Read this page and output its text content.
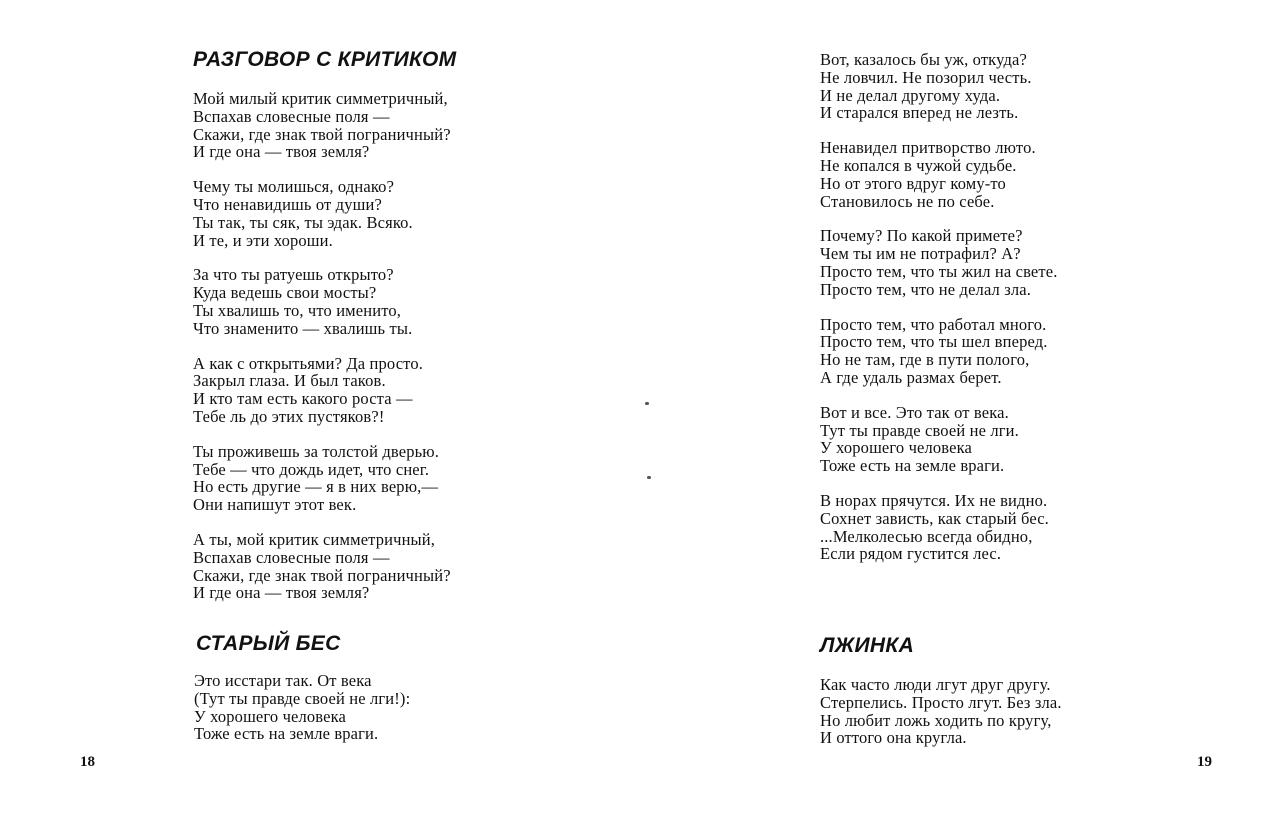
РАЗГОВОР С КРИТИКОМ
Мой милый критик симметричный,
Вспахав словесные поля —
Скажи, где знак твой пограничный?
И где она — твоя земля?
Чему ты молишься, однако?
Что ненавидишь от души?
Ты так, ты сяк, ты эдак. Всяко.
И те, и эти хороши.
За что ты ратуешь открыто?
Куда ведешь свои мосты?
Ты хвалишь то, что именито,
Что знаменито — хвалишь ты.
А как с открытьями? Да просто.
Закрыл глаза. И был таков.
И кто там есть какого роста —
Тебе ль до этих пустяков?!
Ты проживешь за толстой дверью.
Тебе — что дождь идет, что снег.
Но есть другие — я в них верю,—
Они напишут этот век.
А ты, мой критик симметричный,
Вспахав словесные поля —
Скажи, где знак твой пограничный?
И где она — твоя земля?
СТАРЫЙ БЕС
Это исстари так. От века
(Тут ты правде своей не лги!):
У хорошего человека
Тоже есть на земле враги.
18
Вот, казалось бы уж, откуда?
Не ловчил. Не позорил честь.
И не делал другому худа.
И старался вперед не лезть.
Ненавидел притворство люто.
Не копался в чужой судьбе.
Но от этого вдруг кому-то
Становилось не по себе.
Почему? По какой примете?
Чем ты им не потрафил? А?
Просто тем, что ты жил на свете.
Просто тем, что не делал зла.
Просто тем, что работал много.
Просто тем, что ты шел вперед.
Но не там, где в пути полого,
А где удаль размах берет.
Вот и все. Это так от века.
Тут ты правде своей не лги.
У хорошего человека
Тоже есть на земле враги.
В норах прячутся. Их не видно.
Сохнет зависть, как старый бес.
...Мелколесью всегда обидно,
Если рядом густится лес.
ЛЖИНКА
Как часто люди лгут друг другу.
Стерпелись. Просто лгут. Без зла.
Но любит ложь ходить по кругу,
И оттого она кругла.
19
